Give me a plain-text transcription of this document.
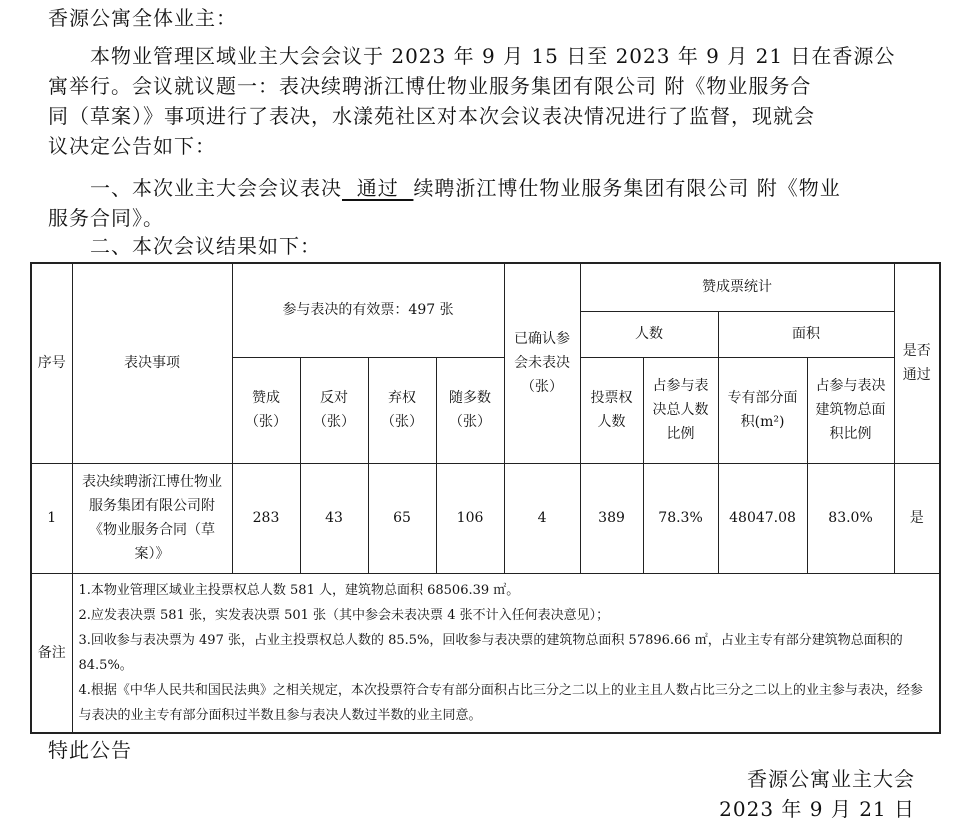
香源公寓全体业主：
本物业管理区域业主大会会议于 2023 年 9 月 15 日至 2023 年 9 月 21 日在香源公
寓举行。会议就议题一：表决续聘浙江博仕物业服务集团有限公司 附《物业服务合
同（草案）》事项进行了表决，水漾苑社区对本次会议表决情况进行了监督，现就会
议决定公告如下：
一、本次业主大会会议表决  通过  续聘浙江博仕物业服务集团有限公司 附《物业
服务合同》。
二、本次会议结果如下：
序号	表决事项	参与表决的有效票：497 张				已确认参会未表决（张）	赞成票统计				是否通过
							人数		面积		
		赞成（张）	反对（张）	弃权（张）	随多数（张）		投票权人数	占参与表决总人数比例	专有部分面积(m²)	占参与表决建筑物总面积比例	
1	表决续聘浙江博仕物业服务集团有限公司附《物业服务合同（草案）》	283	43	65	106	4	389	78.3%	48047.08	83.0%	是
备注	1.本物业管理区域业主投票权总人数 581 人，建筑物总面积 68506.39 ㎡。
2.应发表决票 581 张，实发表决票 501 张（其中参会未表决票 4 张不计入任何表决意见）；
3.回收参与表决票为 497 张，占业主投票权总人数的 85.5%，回收参与表决票的建筑物总面积 57896.66 ㎡，占业主专有部分建筑物总面积的 84.5%。
4.根据《中华人民共和国民法典》之相关规定，本次投票符合专有部分面积占比三分之二以上的业主且人数占比三分之二以上的业主参与表决，经参与表决的业主专有部分面积过半数且参与表决人数过半数的业主同意。										
特此公告
香源公寓业主大会
2023 年 9 月 21 日
